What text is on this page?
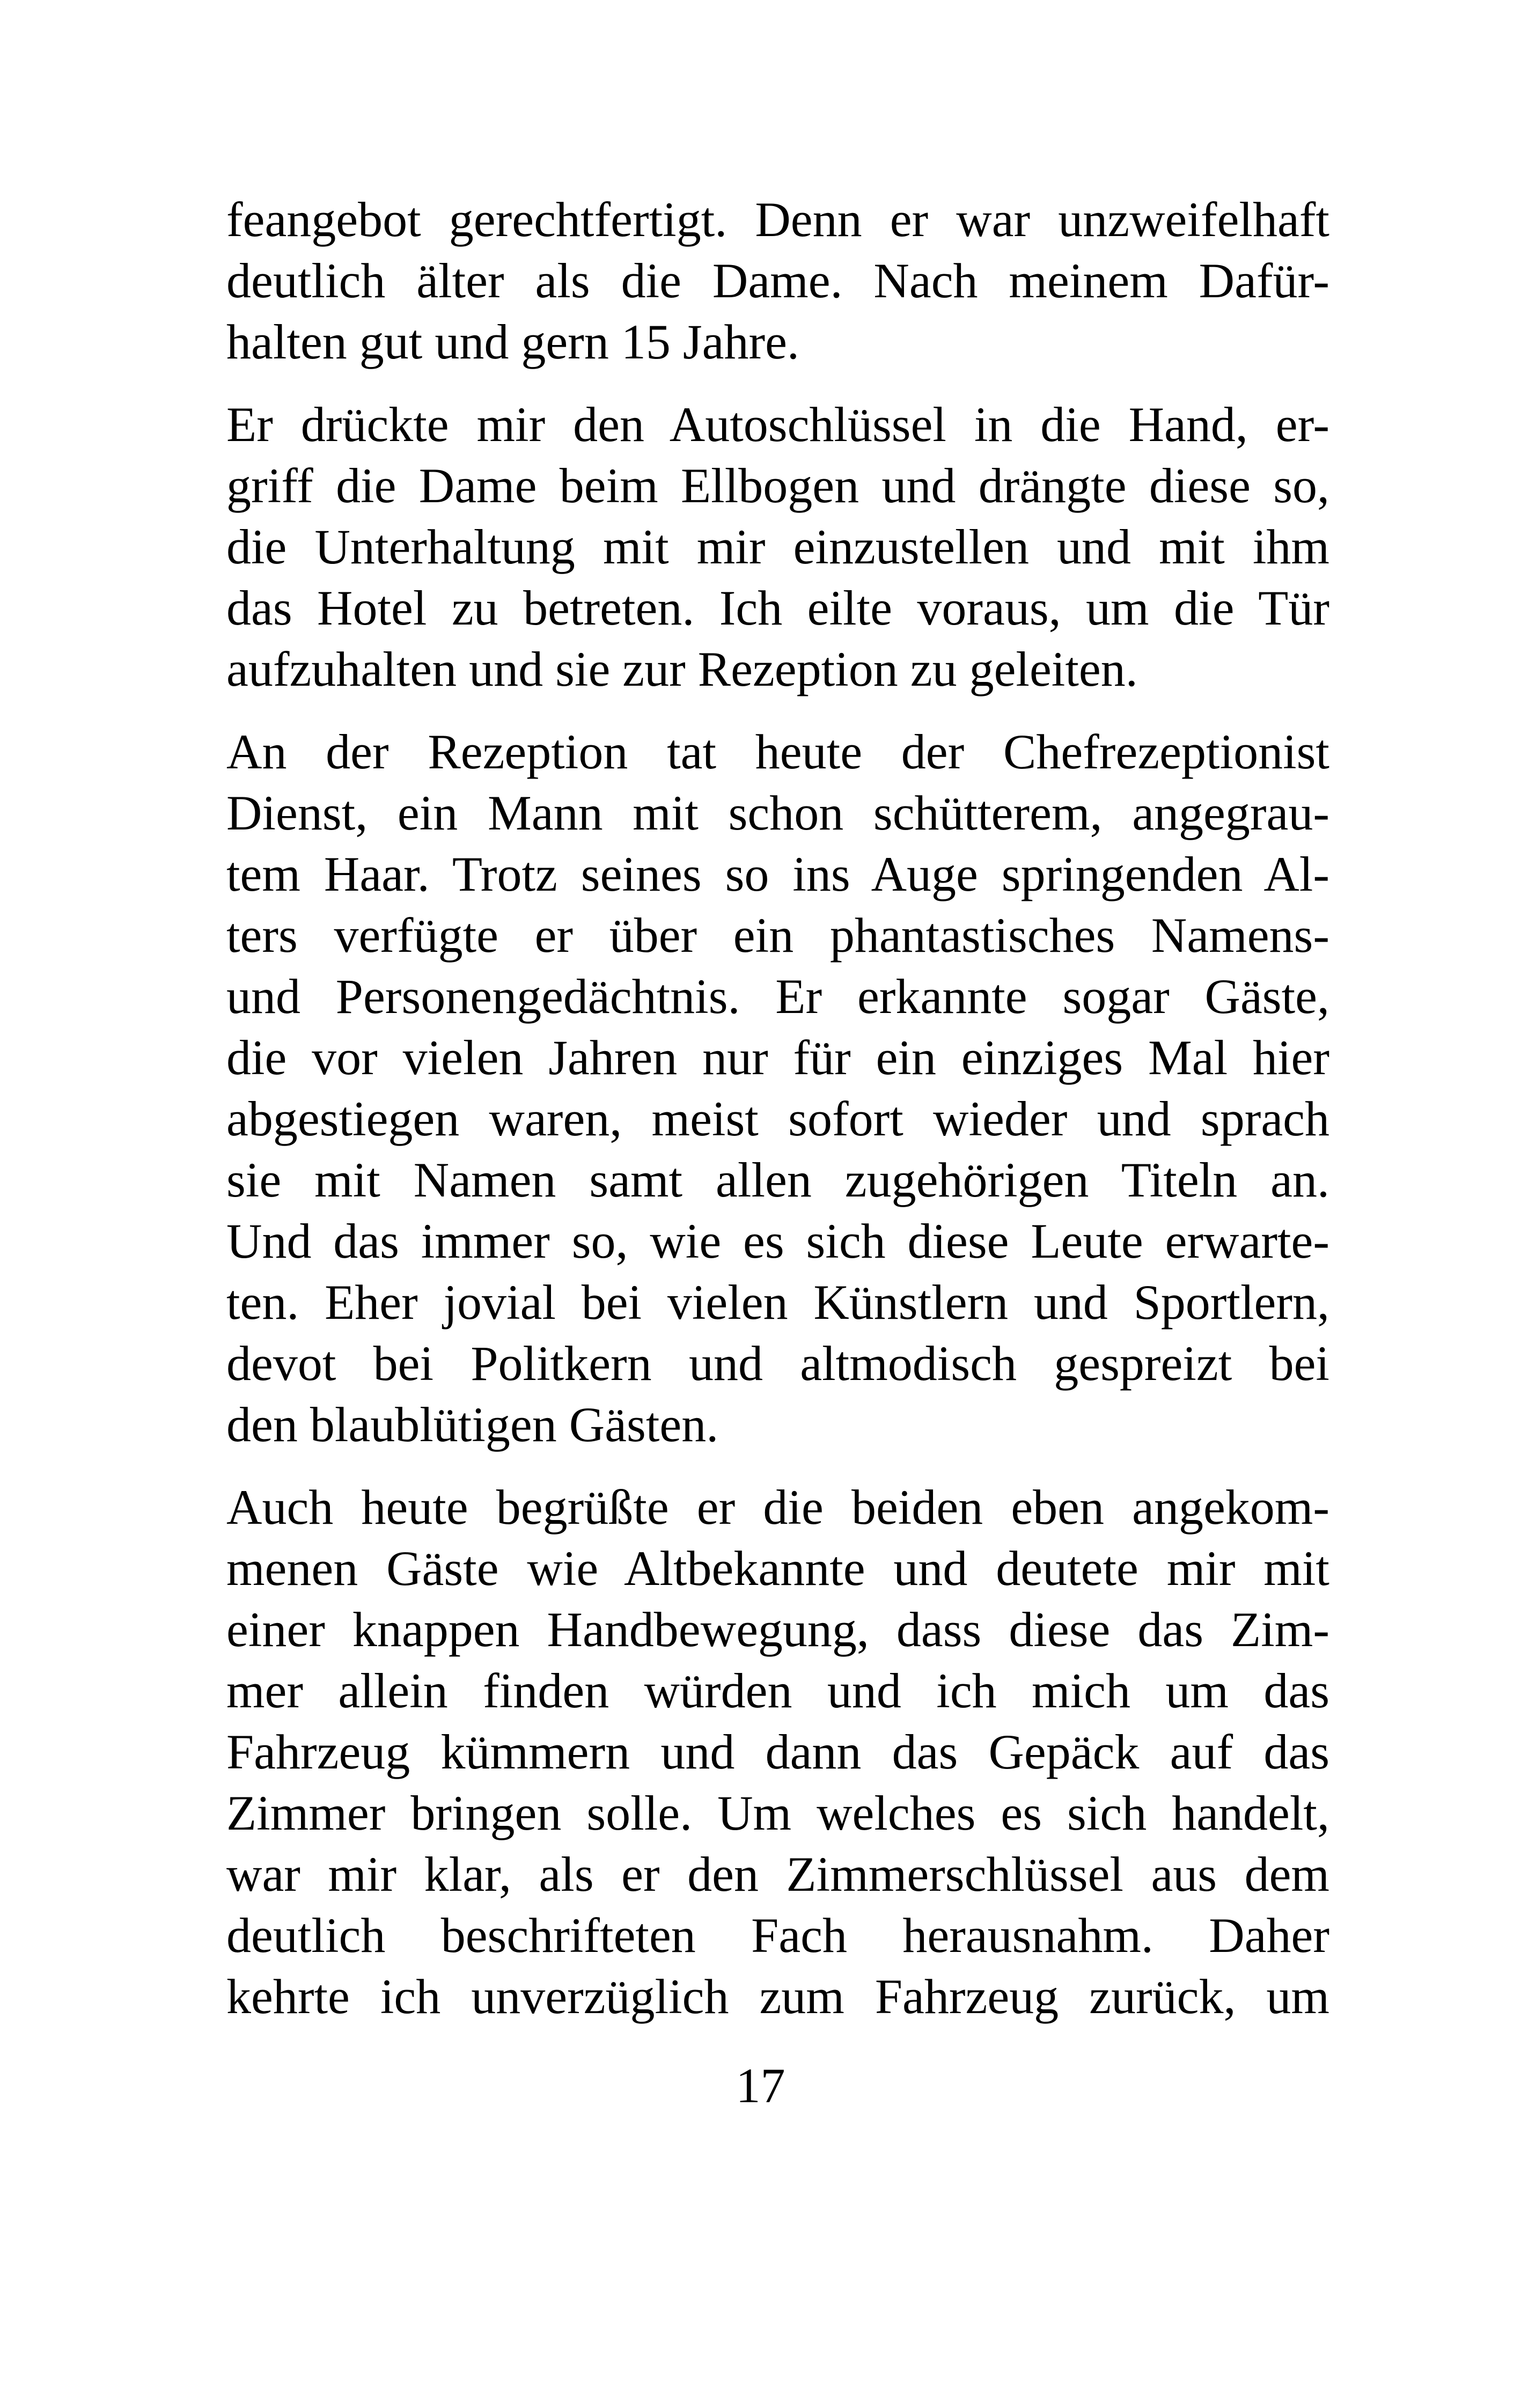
feangebot gerechtfertigt. Denn er war unzweifelhaft
deutlich älter als die Dame. Nach meinem Dafür-
halten gut und gern 15 Jahre.
Er drückte mir den Autoschlüssel in die Hand, er-
griff die Dame beim Ellbogen und drängte diese so,
die Unterhaltung mit mir einzustellen und mit ihm
das Hotel zu betreten. Ich eilte voraus, um die Tür
aufzuhalten und sie zur Rezeption zu geleiten.
An der Rezeption tat heute der Chefrezeptionist
Dienst, ein Mann mit schon schütterem, angegrau-
tem Haar. Trotz seines so ins Auge springenden Al-
ters verfügte er über ein phantastisches Namens-
und Personengedächtnis. Er erkannte sogar Gäste,
die vor vielen Jahren nur für ein einziges Mal hier
abgestiegen waren, meist sofort wieder und sprach
sie mit Namen samt allen zugehörigen Titeln an.
Und das immer so, wie es sich diese Leute erwarte-
ten. Eher jovial bei vielen Künstlern und Sportlern,
devot bei Politkern und altmodisch gespreizt bei
den blaublütigen Gästen.
Auch heute begrüßte er die beiden eben angekom-
menen Gäste wie Altbekannte und deutete mir mit
einer knappen Handbewegung, dass diese das Zim-
mer allein finden würden und ich mich um das
Fahrzeug kümmern und dann das Gepäck auf das
Zimmer bringen solle. Um welches es sich handelt,
war mir klar, als er den Zimmerschlüssel aus dem
deutlich beschrifteten Fach herausnahm. Daher
kehrte ich unverzüglich zum Fahrzeug zurück, um
17
